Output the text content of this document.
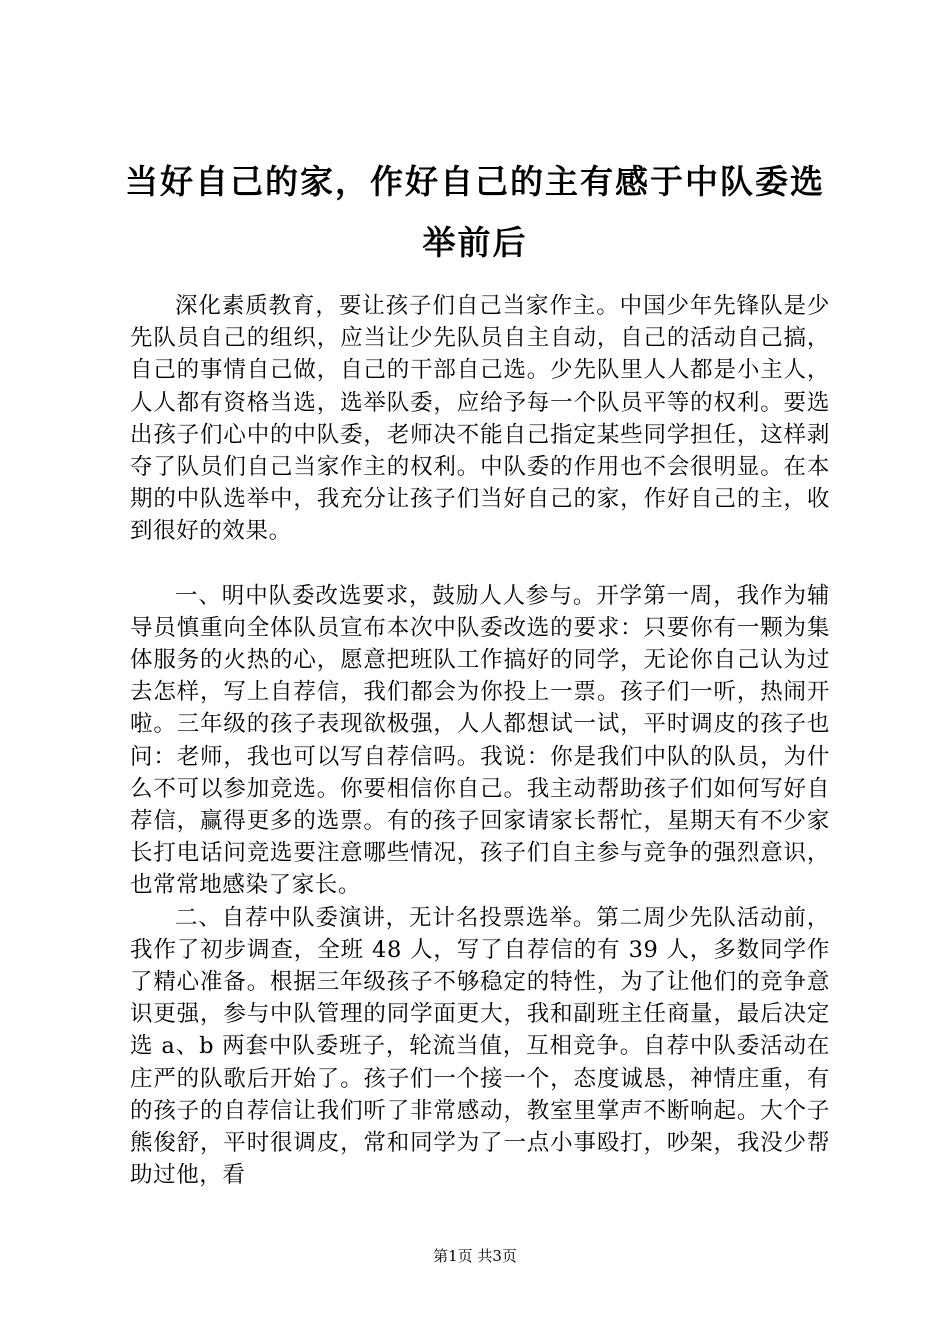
当好自己的家，作好自己的主有感于中队委选
举前后

深化素质教育，要让孩子们自己当家作主。中国少年先锋队是少先队员自己的组织，应当让少先队员自主自动，自己的活动自己搞，自己的事情自己做，自己的干部自己选。少先队里人人都是小主人，人人都有资格当选，选举队委，应给予每一个队员平等的权利。要选出孩子们心中的中队委，老师决不能自己指定某些同学担任，这样剥夺了队员们自己当家作主的权利。中队委的作用也不会很明显。在本期的中队选举中，我充分让孩子们当好自己的家，作好自己的主，收到很好的效果。

一、明中队委改选要求，鼓励人人参与。开学第一周，我作为辅导员慎重向全体队员宣布本次中队委改选的要求：只要你有一颗为集体服务的火热的心，愿意把班队工作搞好的同学，无论你自己认为过去怎样，写上自荐信，我们都会为你投上一票。孩子们一听，热闹开啦。三年级的孩子表现欲极强，人人都想试一试，平时调皮的孩子也问：老师，我也可以写自荐信吗。我说：你是我们中队的队员，为什么不可以参加竞选。你要相信你自己。我主动帮助孩子们如何写好自荐信，赢得更多的选票。有的孩子回家请家长帮忙，星期天有不少家长打电话问竞选要注意哪些情况，孩子们自主参与竞争的强烈意识，也常常地感染了家长。

二、自荐中队委演讲，无计名投票选举。第二周少先队活动前，我作了初步调查，全班 48 人，写了自荐信的有 39 人，多数同学作了精心准备。根据三年级孩子不够稳定的特性，为了让他们的竞争意识更强，参与中队管理的同学面更大，我和副班主任商量，最后决定选 a、b 两套中队委班子，轮流当值，互相竞争。自荐中队委活动在庄严的队歌后开始了。孩子们一个接一个，态度诚恳，神情庄重，有的孩子的自荐信让我们听了非常感动，教室里掌声不断响起。大个子熊俊舒，平时很调皮，常和同学为了一点小事殴打，吵架，我没少帮助过他，看

第1页 共3页
